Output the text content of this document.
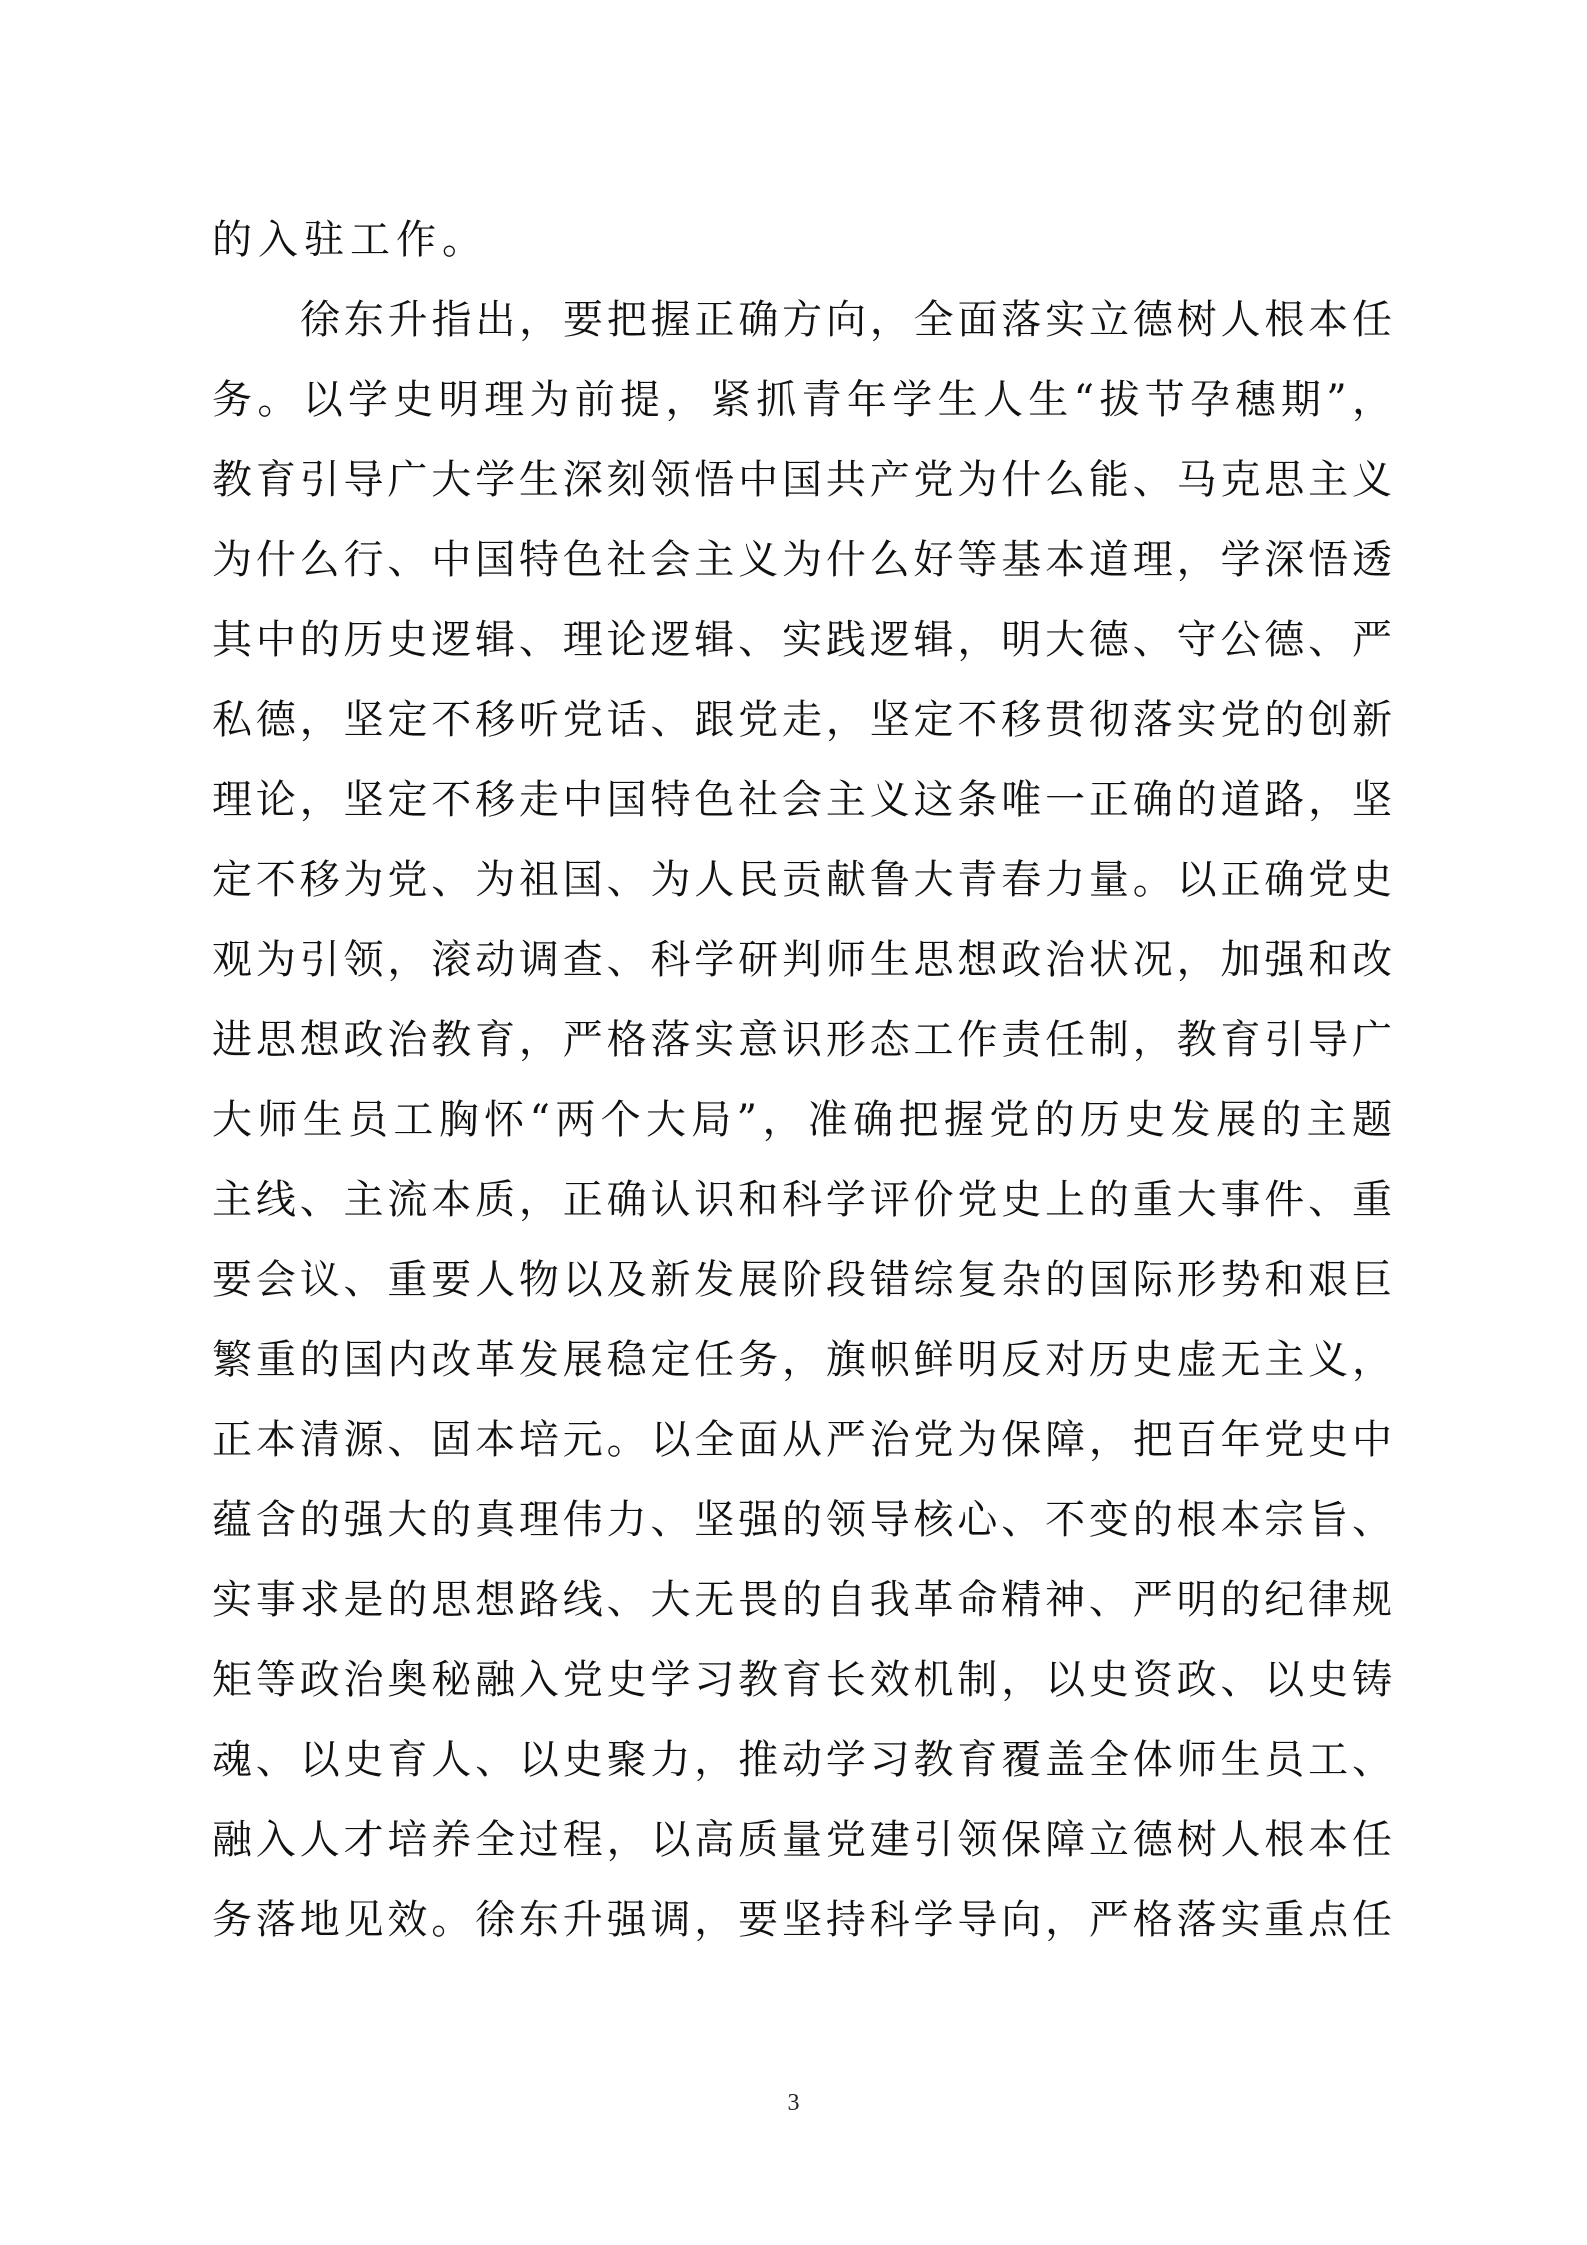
的入驻工作。
徐东升指出，要把握正确方向，全面落实立德树人根本任
务。以学史明理为前提，紧抓青年学生人生“拔节孕穗期”，
教育引导广大学生深刻领悟中国共产党为什么能、马克思主义
为什么行、中国特色社会主义为什么好等基本道理，学深悟透
其中的历史逻辑、理论逻辑、实践逻辑，明大德、守公德、严
私德，坚定不移听党话、跟党走，坚定不移贯彻落实党的创新
理论，坚定不移走中国特色社会主义这条唯一正确的道路，坚
定不移为党、为祖国、为人民贡献鲁大青春力量。以正确党史
观为引领，滚动调查、科学研判师生思想政治状况，加强和改
进思想政治教育，严格落实意识形态工作责任制，教育引导广
大师生员工胸怀“两个大局”，准确把握党的历史发展的主题
主线、主流本质，正确认识和科学评价党史上的重大事件、重
要会议、重要人物以及新发展阶段错综复杂的国际形势和艰巨
繁重的国内改革发展稳定任务，旗帜鲜明反对历史虚无主义，
正本清源、固本培元。以全面从严治党为保障，把百年党史中
蕴含的强大的真理伟力、坚强的领导核心、不变的根本宗旨、
实事求是的思想路线、大无畏的自我革命精神、严明的纪律规
矩等政治奥秘融入党史学习教育长效机制，以史资政、以史铸
魂、以史育人、以史聚力，推动学习教育覆盖全体师生员工、
融入人才培养全过程，以高质量党建引领保障立德树人根本任
务落地见效。徐东升强调，要坚持科学导向，严格落实重点任
3
